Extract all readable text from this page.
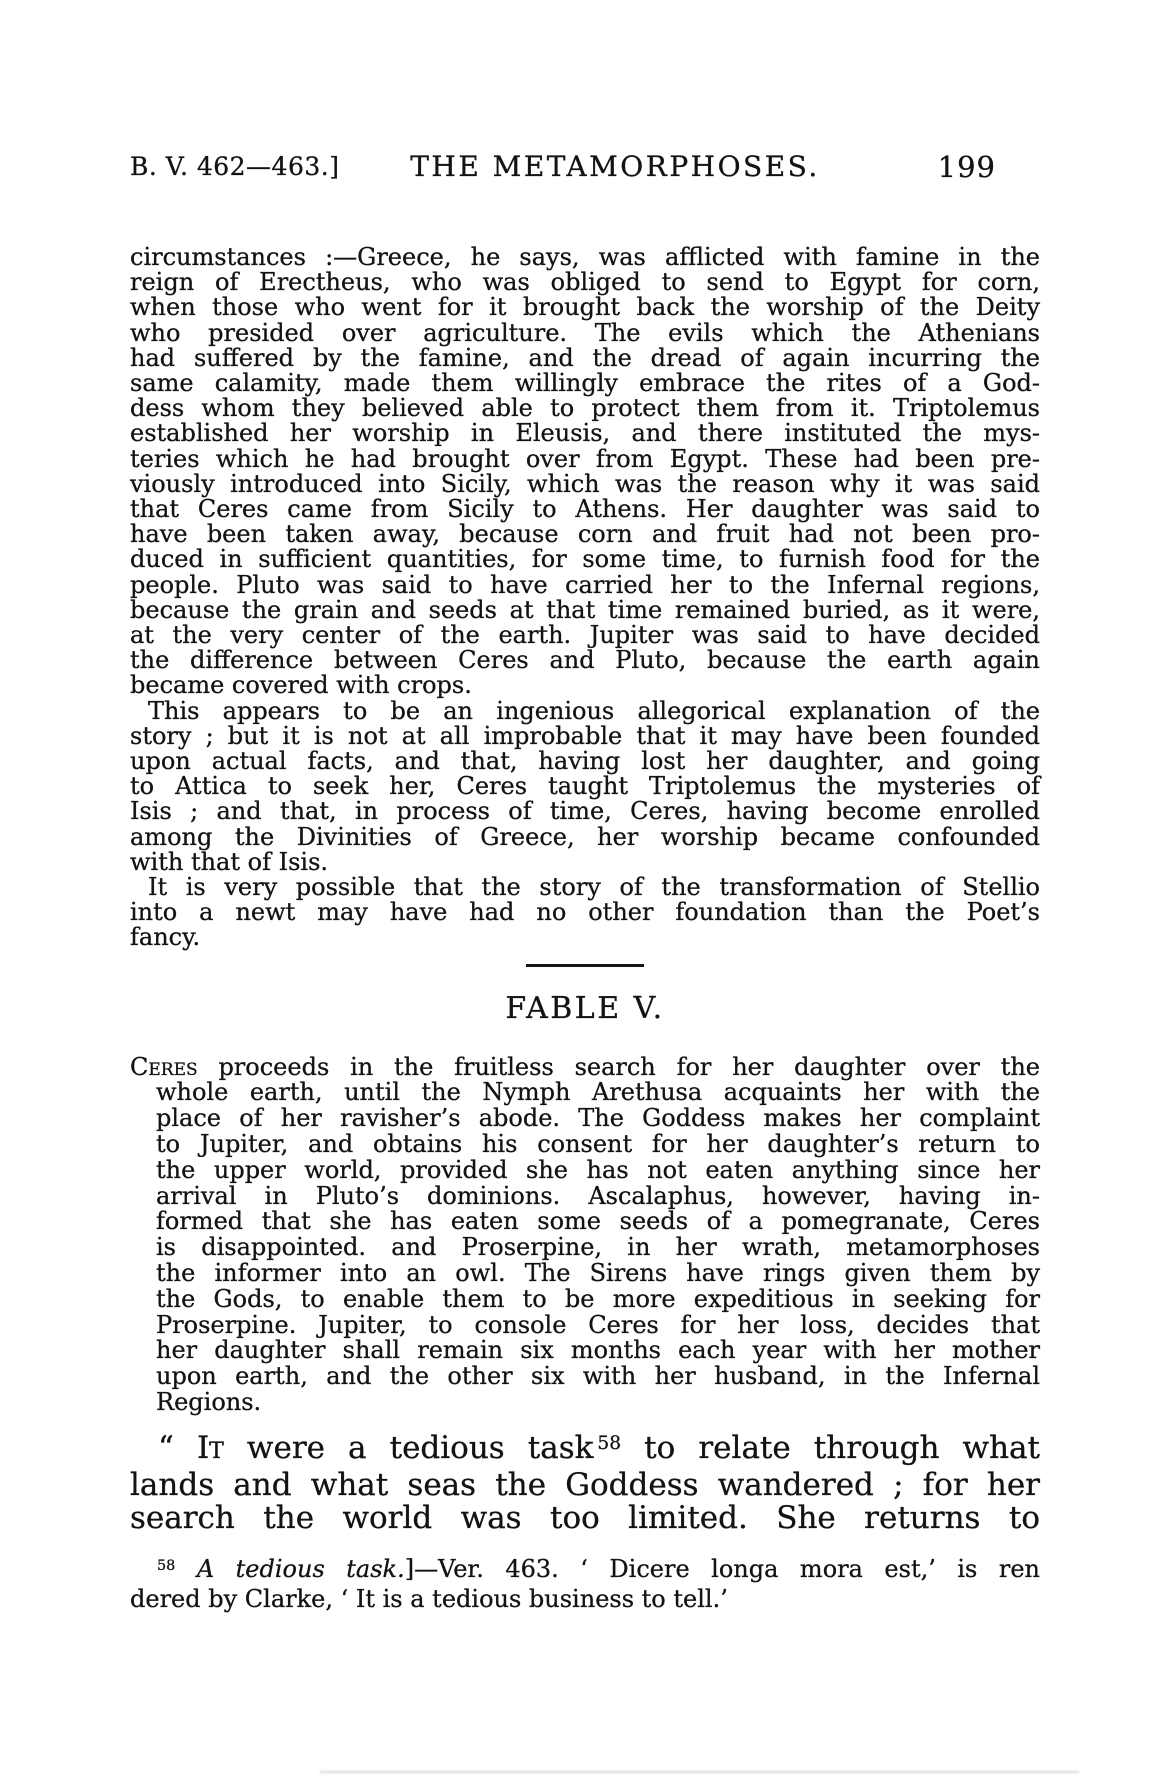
B. V. 462—463.]	THE METAMORPHOSES.	199
circumstances :—Greece, he says, was afflicted with famine in the
reign of Erectheus, who was obliged to send to Egypt for corn,
when those who went for it brought back the worship of the Deity
who presided over agriculture. The evils which the Athenians
had suffered by the famine, and the dread of again incurring the
same calamity, made them willingly embrace the rites of a God-
dess whom they believed able to protect them from it. Triptolemus
established her worship in Eleusis, and there instituted the mys-
teries which he had brought over from Egypt. These had been pre-
viously introduced into Sicily, which was the reason why it was said
that Ceres came from Sicily to Athens. Her daughter was said to
have been taken away, because corn and fruit had not been pro-
duced in sufficient quantities, for some time, to furnish food for the
people. Pluto was said to have carried her to the Infernal regions,
because the grain and seeds at that time remained buried, as it were,
at the very center of the earth. Jupiter was said to have decided
the difference between Ceres and Pluto, because the earth again
became covered with crops.
This appears to be an ingenious allegorical explanation of the
story ; but it is not at all improbable that it may have been founded
upon actual facts, and that, having lost her daughter, and going
to Attica to seek her, Ceres taught Triptolemus the mysteries of
Isis ; and that, in process of time, Ceres, having become enrolled
among the Divinities of Greece, her worship became confounded
with that of Isis.
It is very possible that the story of the transformation of Stellio
into a newt may have had no other foundation than the Poet’s
fancy.
FABLE V.
Ceres proceeds in the fruitless search for her daughter over the
whole earth, until the Nymph Arethusa acquaints her with the
place of her ravisher’s abode. The Goddess makes her complaint
to Jupiter, and obtains his consent for her daughter’s return to
the upper world, provided she has not eaten anything since her
arrival in Pluto’s dominions. Ascalaphus, however, having in-
formed that she has eaten some seeds of a pomegranate, Ceres
is disappointed. and Proserpine, in her wrath, metamorphoses
the informer into an owl. The Sirens have rings given them by
the Gods, to enable them to be more expeditious in seeking for
Proserpine. Jupiter, to console Ceres for her loss, decides that
her daughter shall remain six months each year with her mother
upon earth, and the other six with her husband, in the Infernal
Regions.
“ It were a tedious task $^{58}$ to relate through what
lands and what seas the Goddess wandered ; for her
search the world was too limited. She returns to
$^{58}$ A tedious task.]—Ver. 463. ‘ Dicere longa mora est,’ is ren
dered by Clarke, ‘ It is a tedious business to tell.’
